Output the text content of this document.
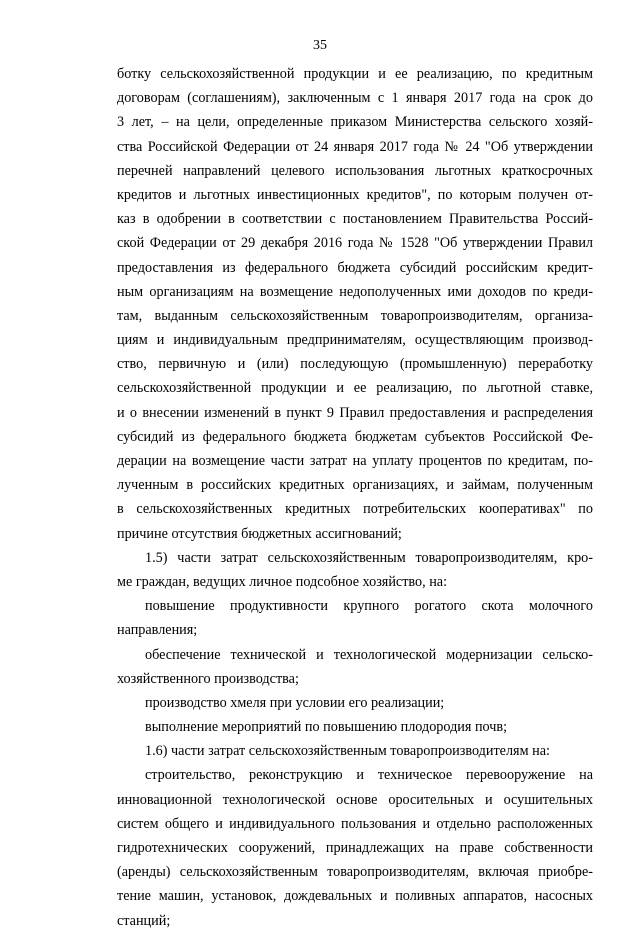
35
ботку сельскохозяйственной продукции и ее реализацию, по кредитным
договорам (соглашениям), заключенным с 1 января 2017 года на срок до
3 лет, – на цели, определенные приказом Министерства сельского хозяй-
ства Российской Федерации от 24 января 2017 года № 24 "Об утверждении
перечней направлений целевого использования льготных краткосрочных
кредитов и льготных инвестиционных кредитов", по которым получен от-
каз в одобрении в соответствии с постановлением Правительства Россий-
ской Федерации от 29 декабря 2016 года № 1528 "Об утверждении Правил
предоставления из федерального бюджета субсидий российским кредит-
ным организациям на возмещение недополученных ими доходов по креди-
там, выданным сельскохозяйственным товаропроизводителям, организа-
циям и индивидуальным предпринимателям, осуществляющим производ-
ство, первичную и (или) последующую (промышленную) переработку
сельскохозяйственной продукции и ее реализацию, по льготной ставке,
и о внесении изменений в пункт 9 Правил предоставления и распределения
субсидий из федерального бюджета бюджетам субъектов Российской Фе-
дерации на возмещение части затрат на уплату процентов по кредитам, по-
лученным в российских кредитных организациях, и займам, полученным
в сельскохозяйственных кредитных потребительских кооперативах" по
причине отсутствия бюджетных ассигнований;
1.5) части затрат сельскохозяйственным товаропроизводителям, кро-
ме граждан, ведущих личное подсобное хозяйство, на:
повышение продуктивности крупного рогатого скота молочного
направления;
обеспечение технической и технологической модернизации сельско-
хозяйственного производства;
производство хмеля при условии его реализации;
выполнение мероприятий по повышению плодородия почв;
1.6) части затрат сельскохозяйственным товаропроизводителям на:
строительство, реконструкцию и техническое перевооружение на
инновационной технологической основе оросительных и осушительных
систем общего и индивидуального пользования и отдельно расположенных
гидротехнических сооружений, принадлежащих на праве собственности
(аренды) сельскохозяйственным товаропроизводителям, включая приобре-
тение машин, установок, дождевальных и поливных аппаратов, насосных
станций;
